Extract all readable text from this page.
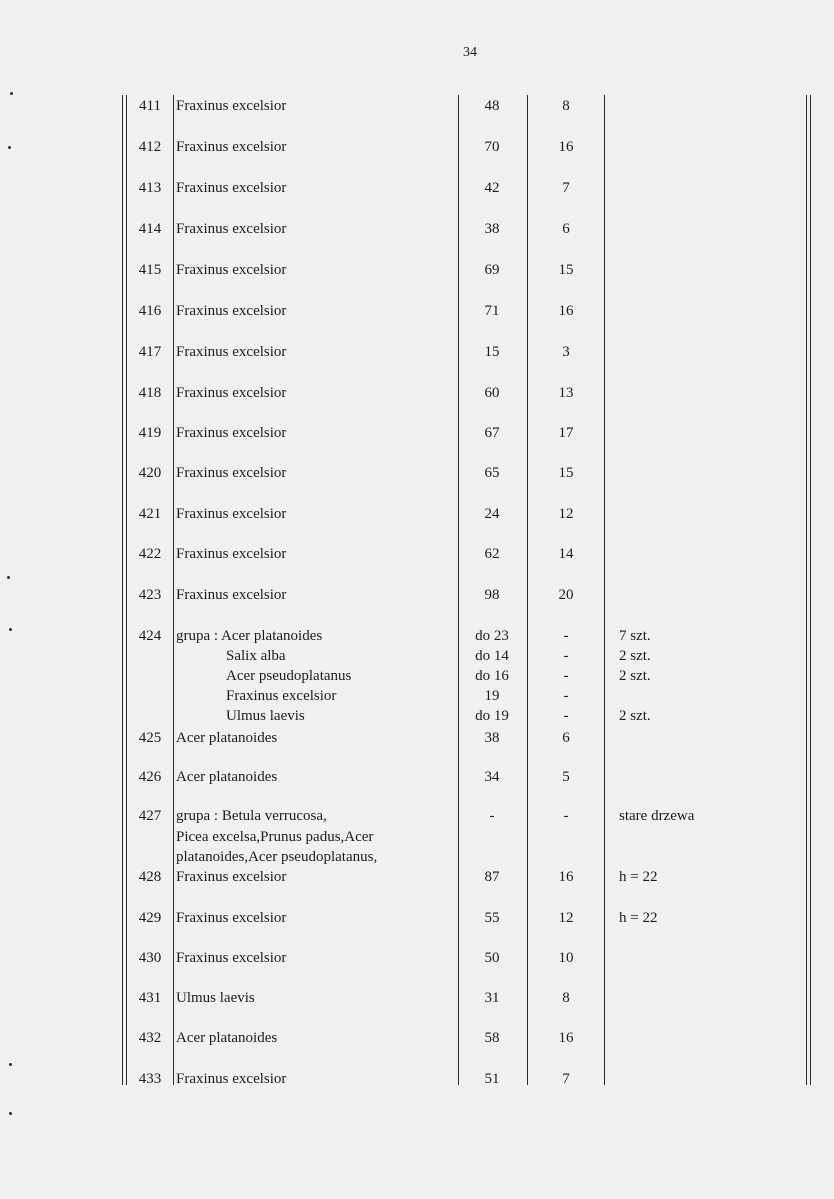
34
411	Fraxinus excelsior	48	8
412 Fraxinus excelsior	70	16
413 Fraxinus excelsior	42	7
414 Fraxinus excelsior	38	6
415 Fraxinus excelsior	69	15
416 Fraxinus excelsior	71	16
417 Fraxinus excelsior	15	3
418 Fraxinus excelsior	60	13
419 Fraxinus excelsior	67	17
420 Fraxinus excelsior	65	15
421 Fraxinus excelsior	24	12
422 Fraxinus excelsior	62	14
423 Fraxinus excelsior	98	20
424 grupa : Acer platanoides	do 23	-	7 szt.
Salix alba	do 14	-	2 szt.
Acer pseudoplatanus	do 16	-	2 szt.
Fraxinus excelsior	19	-
Ulmus laevis	do 19	-	2 szt.
425 Acer platanoides	38	6
426 Acer platanoides	34	5
427 grupa : Betula verrucosa,	-	-	stare drzewa
Picea excelsa,Prunus padus,Acer
platanoides,Acer pseudoplatanus,
428 Fraxinus excelsior	87	16	h = 22
429 Fraxinus excelsior	55	12	h = 22
430 Fraxinus excelsior	50	10
431 Ulmus laevis	31	8
432 Acer platanoides	58	16
433 Fraxinus excelsior	51	7
